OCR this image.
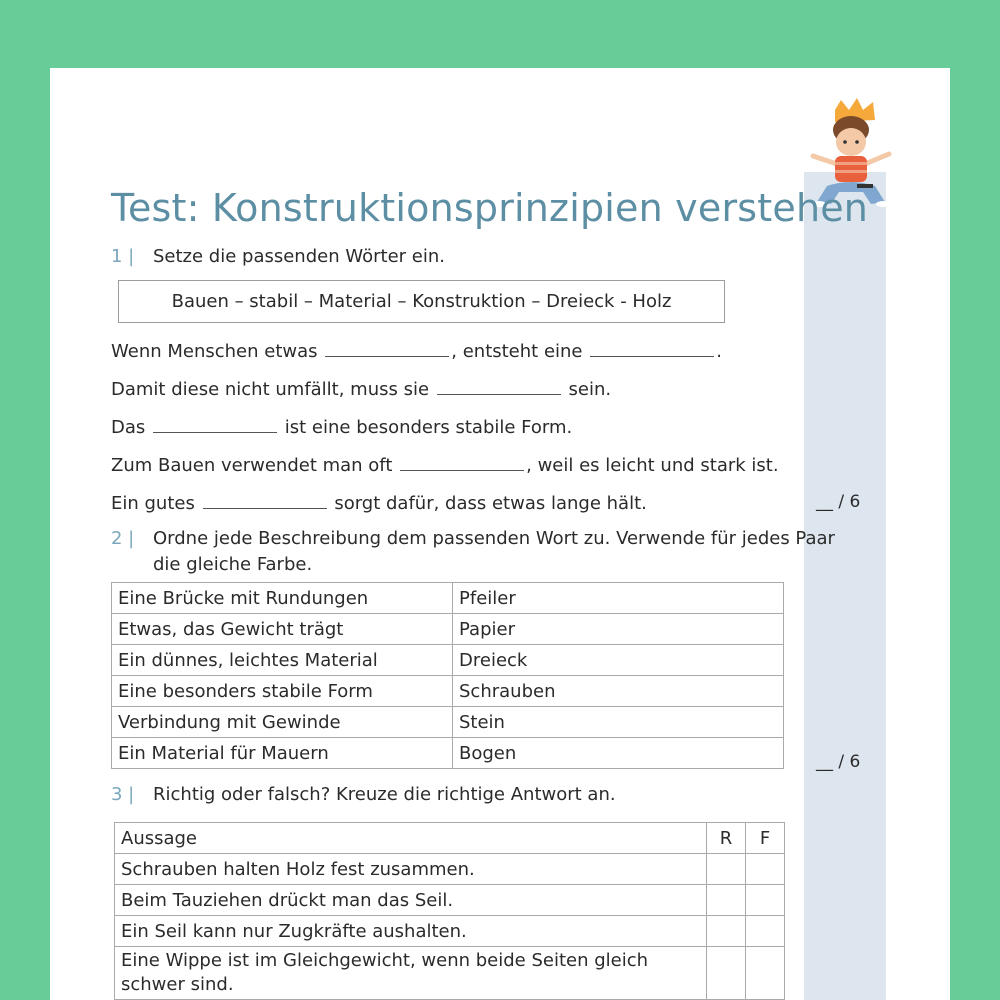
Test: Konstruktionsprinzipien verstehen
1 | Setze die passenden Wörter ein.
Bauen – stabil – Material – Konstruktion – Dreieck - Holz
Wenn Menschen etwas	, entsteht eine	.
Damit diese nicht umfällt, muss sie	sein.
Das	ist eine besonders stabile Form.
Zum Bauen verwendet man oft	, weil es leicht und stark ist.
Ein gutes	sorgt dafür, dass etwas lange hält.	__ / 6
2 | Ordne jede Beschreibung dem passenden Wort zu. Verwende für jedes Paar
die gleiche Farbe.
Eine Brücke mit Rundungen	Pfeiler
Etwas, das Gewicht trägt	Papier
Ein dünnes, leichtes Material	Dreieck
Eine besonders stabile Form	Schrauben
Verbindung mit Gewinde	Stein
Ein Material für Mauern	Bogen	__ / 6
3 | Richtig oder falsch? Kreuze die richtige Antwort an.
Aussage	R	F
Schrauben halten Holz fest zusammen.		
Beim Tauziehen drückt man das Seil.		
Ein Seil kann nur Zugkräfte aushalten.		
Eine Wippe ist im Gleichgewicht, wenn beide Seiten gleich schwer sind.		
